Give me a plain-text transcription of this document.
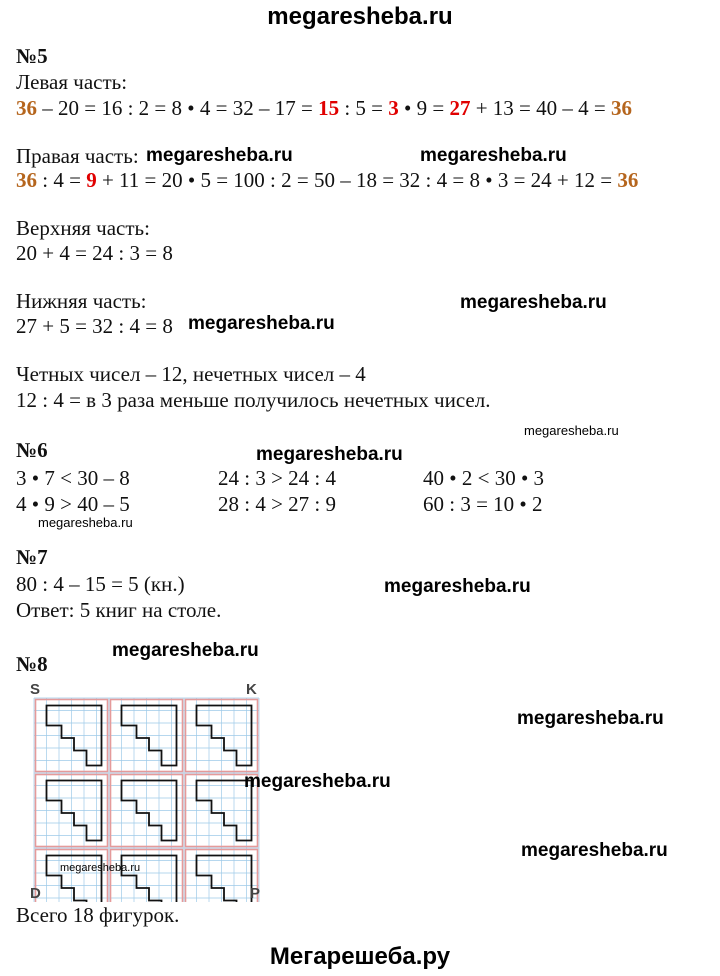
megaresheba.ru
№5
Левая часть:
36 – 20 = 16 : 2 = 8 • 4 = 32 – 17 = 15 : 5 = 3 • 9 = 27 + 13 = 40 – 4 = 36
Правая часть:
36 : 4 = 9 + 11 = 20 • 5 = 100 : 2 = 50 – 18 = 32 : 4 = 8 • 3 = 24 + 12 = 36
Верхняя часть:
20 + 4 = 24 : 3 = 8
Нижняя часть:
27 + 5 = 32 : 4 = 8
Четных чисел – 12, нечетных чисел – 4
12 : 4 = в 3 раза меньше получилось нечетных чисел.
№6
3 • 7 < 30 – 8	24 : 3 > 24 : 4	40 • 2 < 30 • 3
4 • 9 > 40 – 5	28 : 4 > 27 : 9	60 : 3 = 10 • 2
№7
80 : 4 – 15 = 5 (кн.)
Ответ: 5 книг на столе.
№8
S	K
D	P
Всего 18 фигурок.
megaresheba.ru	megaresheba.ru
megaresheba.ru
megaresheba.ru
megaresheba.ru
megaresheba.ru
megaresheba.ru
megaresheba.ru
megaresheba.ru
megaresheba.ru
megaresheba.ru
megaresheba.ru
megaresheba.ru
Мегарешеба.ру
